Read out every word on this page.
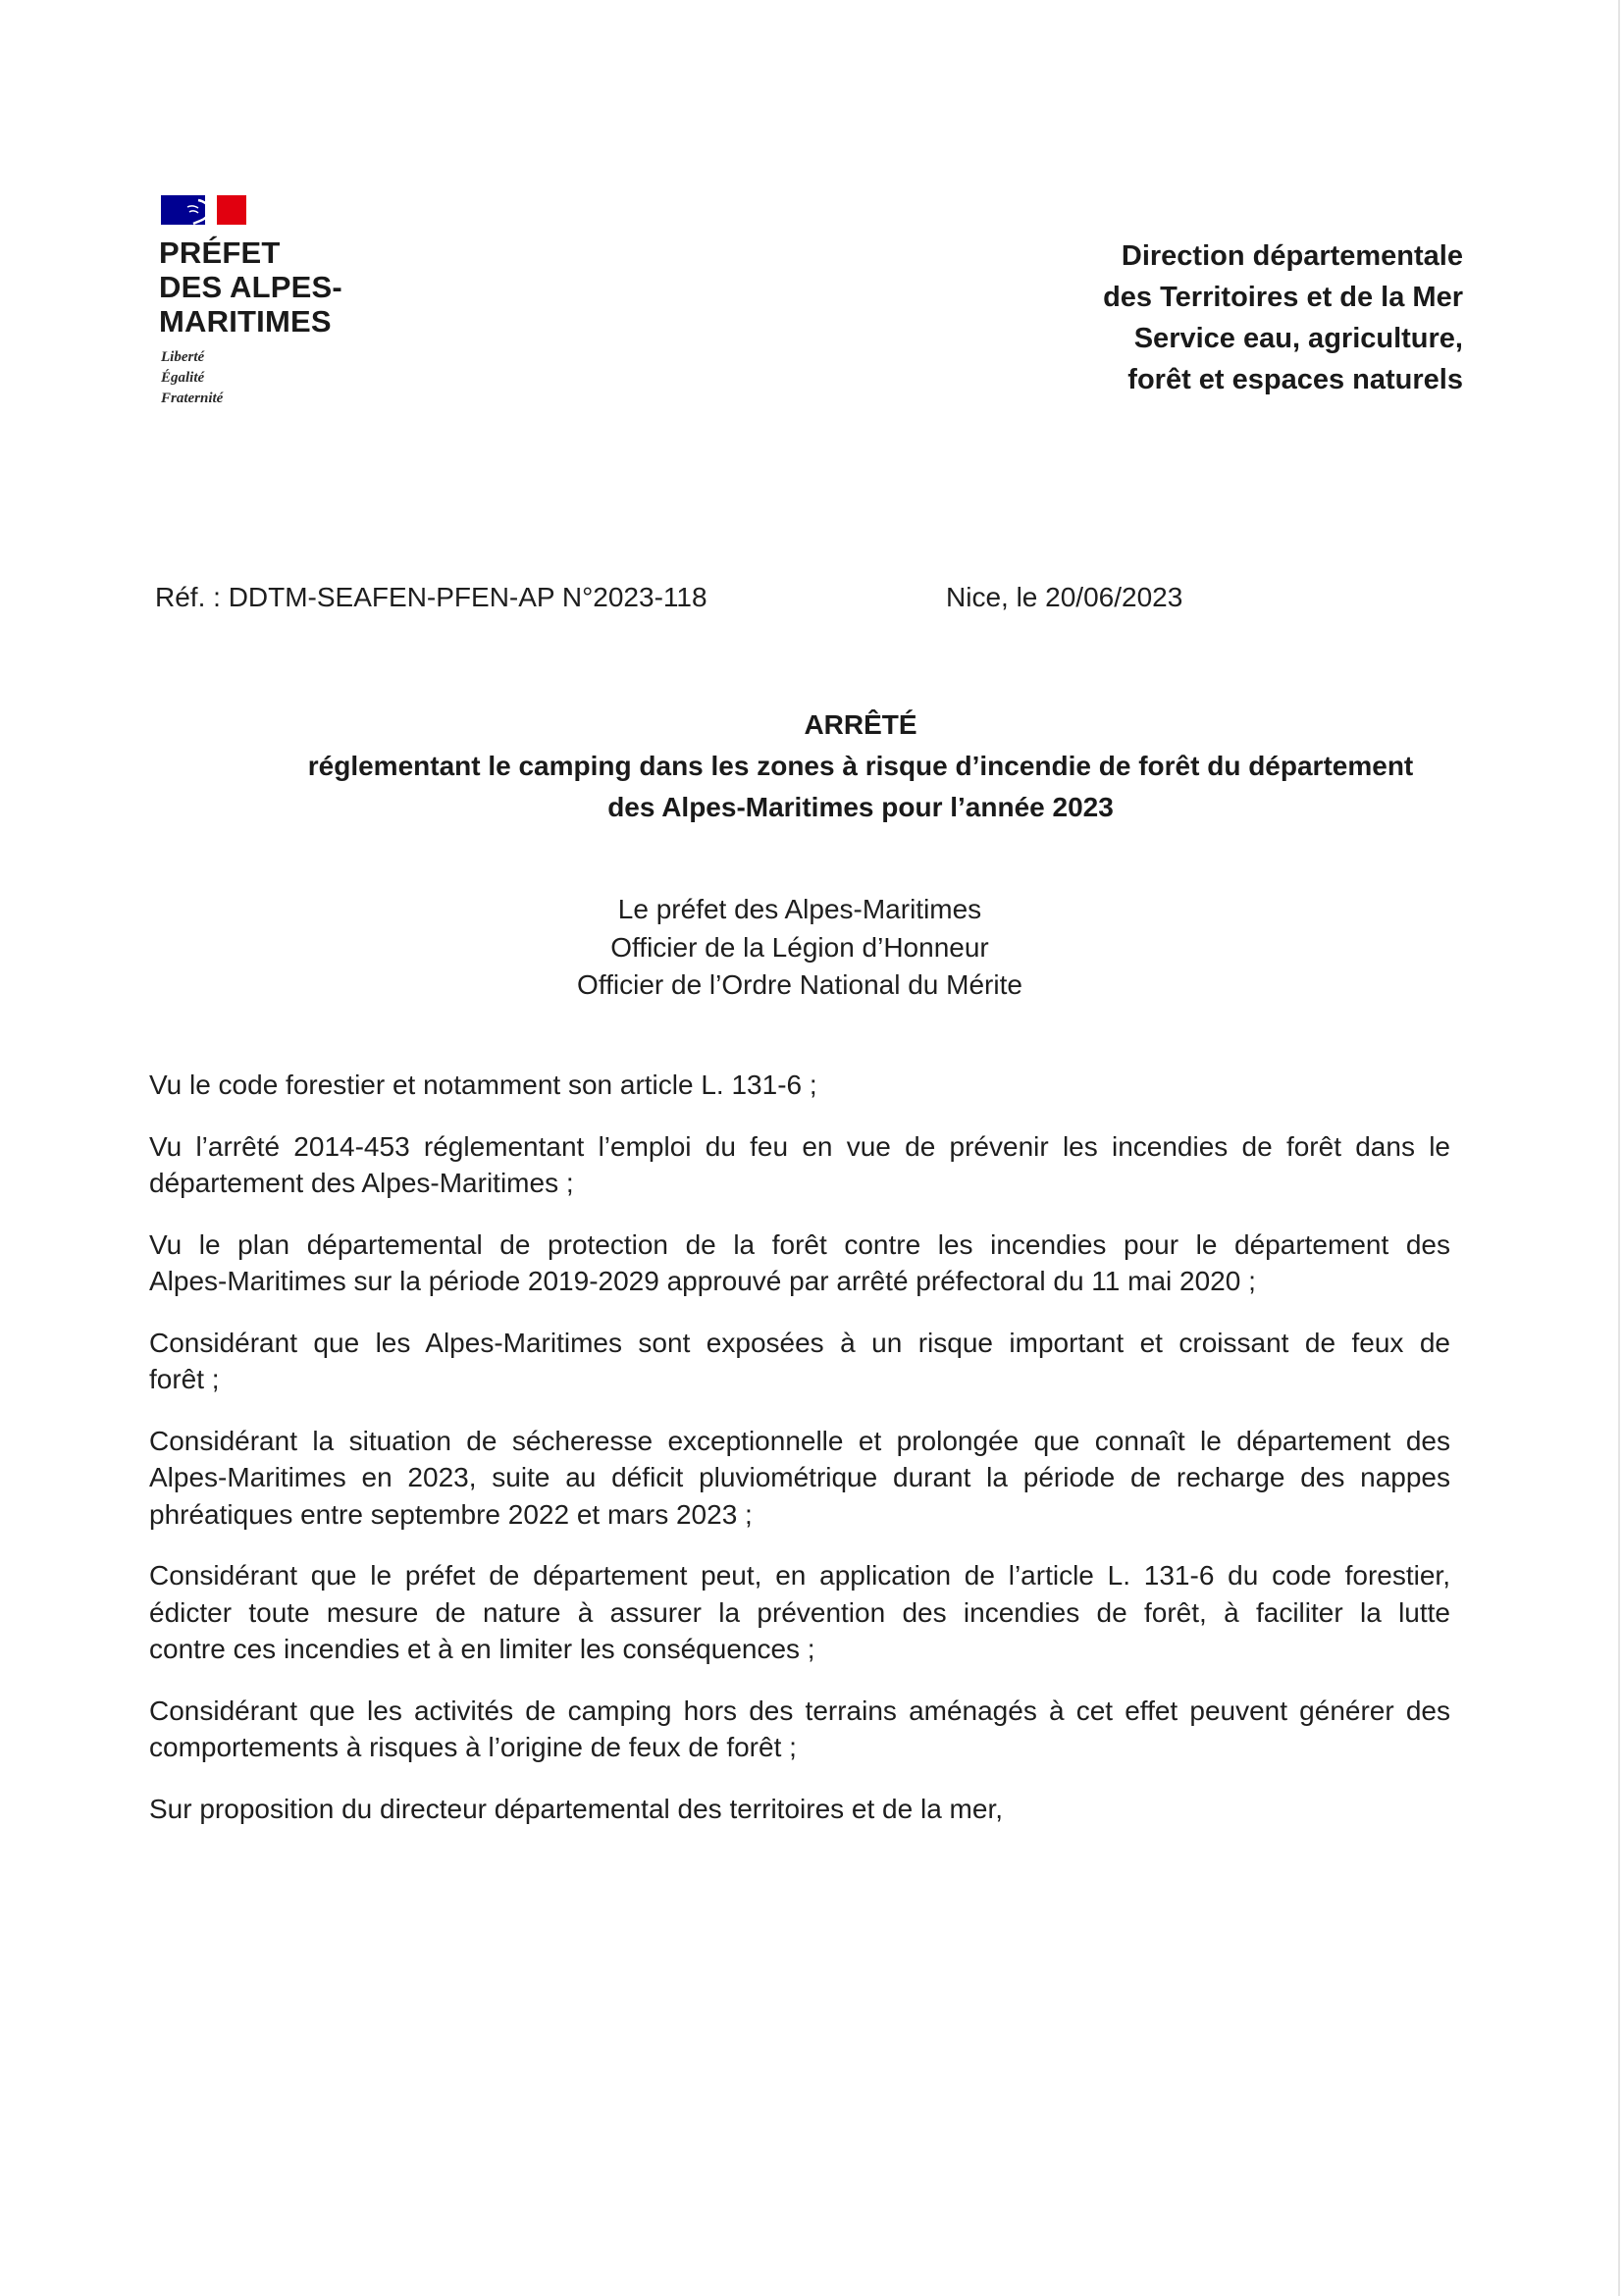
PRÉFET
DES ALPES-
MARITIMES
Liberté
Égalité
Fraternité
Direction départementale
des Territoires et de la Mer
Service eau, agriculture,
forêt et espaces naturels
Réf. : DDTM-SEAFEN-PFEN-AP N°2023-118	Nice, le 20/06/2023
ARRÊTÉ
réglementant le camping dans les zones à risque d’incendie de forêt du département
des Alpes-Maritimes pour l’année 2023
Le préfet des Alpes-Maritimes
Officier de la Légion d’Honneur
Officier de l’Ordre National du Mérite
Vu le code forestier et notamment son article L. 131-6 ;
Vu l’arrêté 2014-453 réglementant l’emploi du feu en vue de prévenir les incendies de forêt dans le
département des Alpes-Maritimes ;
Vu le plan départemental de protection de la forêt contre les incendies pour le département des
Alpes-Maritimes sur la période 2019-2029 approuvé par arrêté préfectoral du 11 mai 2020 ;
Considérant que les Alpes-Maritimes sont exposées à un risque important et croissant de feux de
forêt ;
Considérant la situation de sécheresse exceptionnelle et prolongée que connaît le département des
Alpes-Maritimes en 2023, suite au déficit pluviométrique durant la période de recharge des nappes
phréatiques entre septembre 2022 et mars 2023 ;
Considérant que le préfet de département peut, en application de l’article L. 131-6 du code forestier,
édicter toute mesure de nature à assurer la prévention des incendies de forêt, à faciliter la lutte
contre ces incendies et à en limiter les conséquences ;
Considérant que les activités de camping hors des terrains aménagés à cet effet peuvent générer des
comportements à risques à l’origine de feux de forêt ;
Sur proposition du directeur départemental des territoires et de la mer,
